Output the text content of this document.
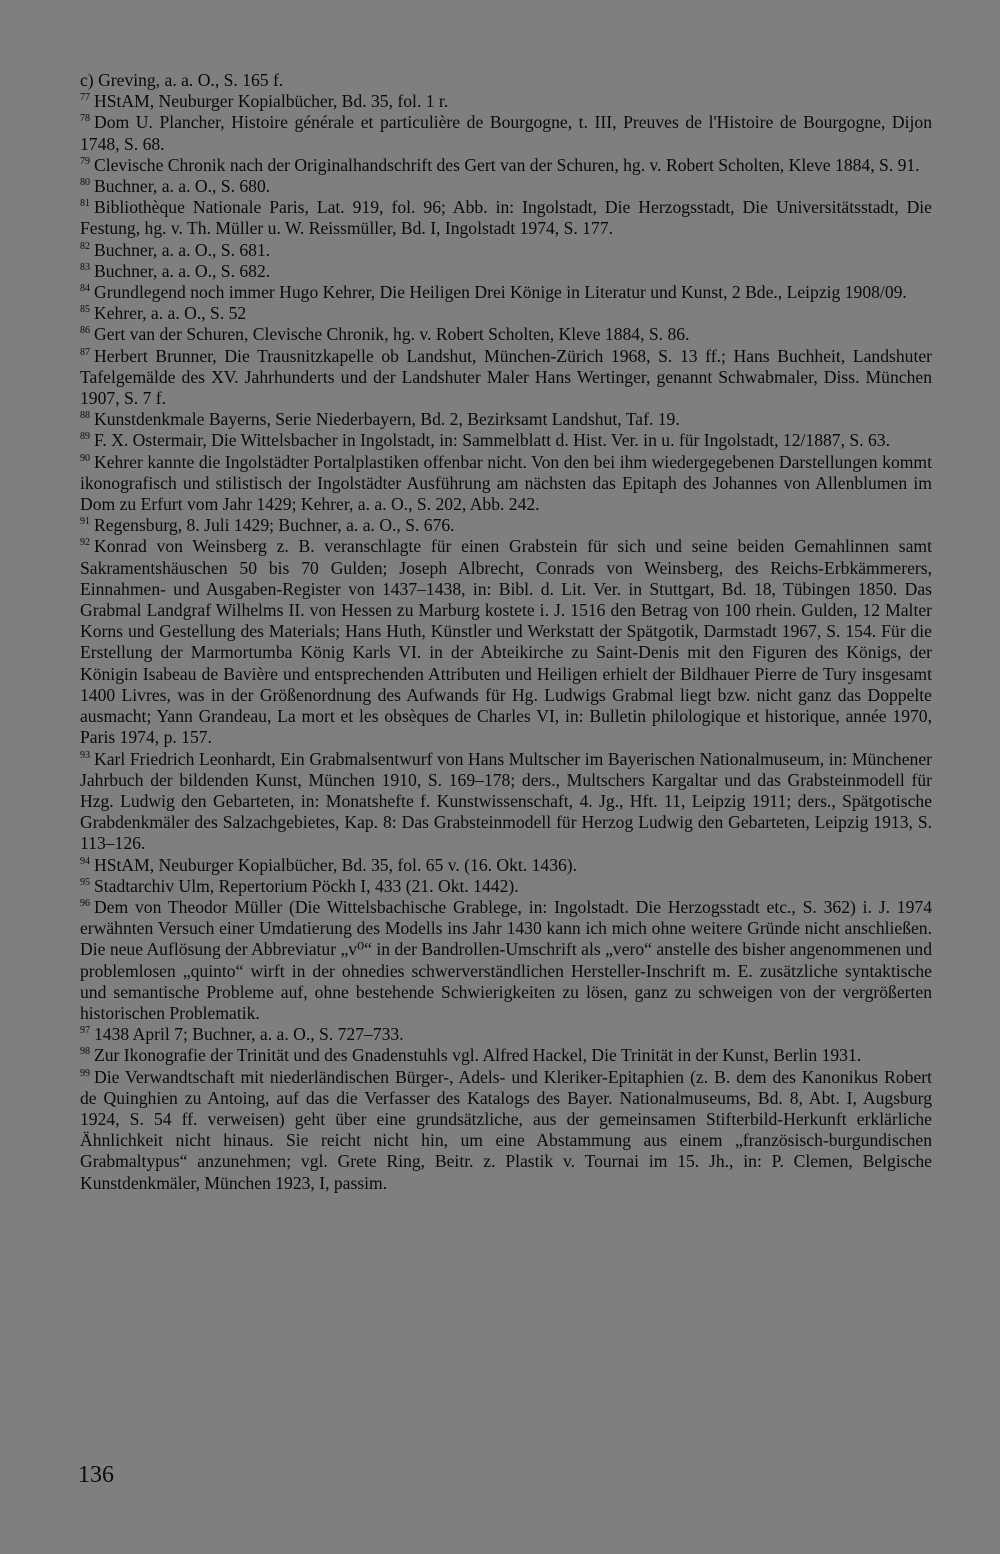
c) Greving, a. a. O., S. 165 f.

$^{77}$ HStAM, Neuburger Kopialbücher, Bd. 35, fol. 1 r.

$^{78}$ Dom U. Plancher, Histoire générale et particulière de Bourgogne, t. III, Preuves de l'Histoire de Bourgogne, Dijon 1748, S. 68.

$^{79}$ Clevische Chronik nach der Originalhandschrift des Gert van der Schuren, hg. v. Robert Scholten, Kleve 1884, S. 91.

$^{80}$ Buchner, a. a. O., S. 680.

$^{81}$ Bibliothèque Nationale Paris, Lat. 919, fol. 96; Abb. in: Ingolstadt, Die Herzogsstadt, Die Universitätsstadt, Die Festung, hg. v. Th. Müller u. W. Reissmüller, Bd. I, Ingolstadt 1974, S. 177.

$^{82}$ Buchner, a. a. O., S. 681.

$^{83}$ Buchner, a. a. O., S. 682.

$^{84}$ Grundlegend noch immer Hugo Kehrer, Die Heiligen Drei Könige in Literatur und Kunst, 2 Bde., Leipzig 1908/09.

$^{85}$ Kehrer, a. a. O., S. 52

$^{86}$ Gert van der Schuren, Clevische Chronik, hg. v. Robert Scholten, Kleve 1884, S. 86.

$^{87}$ Herbert Brunner, Die Trausnitzkapelle ob Landshut, München-Zürich 1968, S. 13 ff.; Hans Buchheit, Landshuter Tafelgemälde des XV. Jahrhunderts und der Landshuter Maler Hans Wertinger, genannt Schwabmaler, Diss. München 1907, S. 7 f.

$^{88}$ Kunstdenkmale Bayerns, Serie Niederbayern, Bd. 2, Bezirksamt Landshut, Taf. 19.

$^{89}$ F. X. Ostermair, Die Wittelsbacher in Ingolstadt, in: Sammelblatt d. Hist. Ver. in u. für Ingolstadt, 12/1887, S. 63.

$^{90}$ Kehrer kannte die Ingolstädter Portalplastiken offenbar nicht. Von den bei ihm wiedergegebenen Darstellungen kommt ikonografisch und stilistisch der Ingolstädter Ausführung am nächsten das Epitaph des Johannes von Allenblumen im Dom zu Erfurt vom Jahr 1429; Kehrer, a. a. O., S. 202, Abb. 242.

$^{91}$ Regensburg, 8. Juli 1429; Buchner, a. a. O., S. 676.

$^{92}$ Konrad von Weinsberg z. B. veranschlagte für einen Grabstein für sich und seine beiden Gemahlinnen samt Sakramentshäuschen 50 bis 70 Gulden; Joseph Albrecht, Conrads von Weinsberg, des Reichs-Erbkämmerers, Einnahmen- und Ausgaben-Register von 1437–1438, in: Bibl. d. Lit. Ver. in Stuttgart, Bd. 18, Tübingen 1850. Das Grabmal Landgraf Wilhelms II. von Hessen zu Marburg kostete i. J. 1516 den Betrag von 100 rhein. Gulden, 12 Malter Korns und Gestellung des Materials; Hans Huth, Künstler und Werkstatt der Spätgotik, Darmstadt 1967, S. 154. Für die Erstellung der Marmortumba König Karls VI. in der Abteikirche zu Saint-Denis mit den Figuren des Königs, der Königin Isabeau de Bavière und entsprechenden Attributen und Heiligen erhielt der Bildhauer Pierre de Tury insgesamt 1400 Livres, was in der Größenordnung des Aufwands für Hg. Ludwigs Grabmal liegt bzw. nicht ganz das Doppelte ausmacht; Yann Grandeau, La mort et les obsèques de Charles VI, in: Bulletin philologique et historique, année 1970, Paris 1974, p. 157.

$^{93}$ Karl Friedrich Leonhardt, Ein Grabmalsentwurf von Hans Multscher im Bayerischen Nationalmuseum, in: Münchener Jahrbuch der bildenden Kunst, München 1910, S. 169–178; ders., Multschers Kargaltar und das Grabsteinmodell für Hzg. Ludwig den Gebarteten, in: Monatshefte f. Kunstwissenschaft, 4. Jg., Hft. 11, Leipzig 1911; ders., Spätgotische Grabdenkmäler des Salzachgebietes, Kap. 8: Das Grabsteinmodell für Herzog Ludwig den Gebarteten, Leipzig 1913, S. 113–126.

$^{94}$ HStAM, Neuburger Kopialbücher, Bd. 35, fol. 65 v. (16. Okt. 1436).

$^{95}$ Stadtarchiv Ulm, Repertorium Pöckh I, 433 (21. Okt. 1442).

$^{96}$ Dem von Theodor Müller (Die Wittelsbachische Grablege, in: Ingolstadt. Die Herzogsstadt etc., S. 362) i. J. 1974 erwähnten Versuch einer Umdatierung des Modells ins Jahr 1430 kann ich mich ohne weitere Gründe nicht anschließen. Die neue Auflösung der Abbreviatur „v⁰“ in der Bandrollen-Umschrift als „vero“ anstelle des bisher angenommenen und problemlosen „quinto“ wirft in der ohnedies schwerverständlichen Hersteller-Inschrift m. E. zusätzliche syntaktische und semantische Probleme auf, ohne bestehende Schwierigkeiten zu lösen, ganz zu schweigen von der vergrößerten historischen Problematik.

$^{97}$ 1438 April 7; Buchner, a. a. O., S. 727–733.

$^{98}$ Zur Ikonografie der Trinität und des Gnadenstuhls vgl. Alfred Hackel, Die Trinität in der Kunst, Berlin 1931.

$^{99}$ Die Verwandtschaft mit niederländischen Bürger-, Adels- und Kleriker-Epitaphien (z. B. dem des Kanonikus Robert de Quinghien zu Antoing, auf das die Verfasser des Katalogs des Bayer. Nationalmuseums, Bd. 8, Abt. I, Augsburg 1924, S. 54 ff. verweisen) geht über eine grundsätzliche, aus der gemeinsamen Stifterbild-Herkunft erklärliche Ähnlichkeit nicht hinaus. Sie reicht nicht hin, um eine Abstammung aus einem „französisch-burgundischen Grabmaltypus“ anzunehmen; vgl. Grete Ring, Beitr. z. Plastik v. Tournai im 15. Jh., in: P. Clemen, Belgische Kunstdenkmäler, München 1923, I, passim.

136
